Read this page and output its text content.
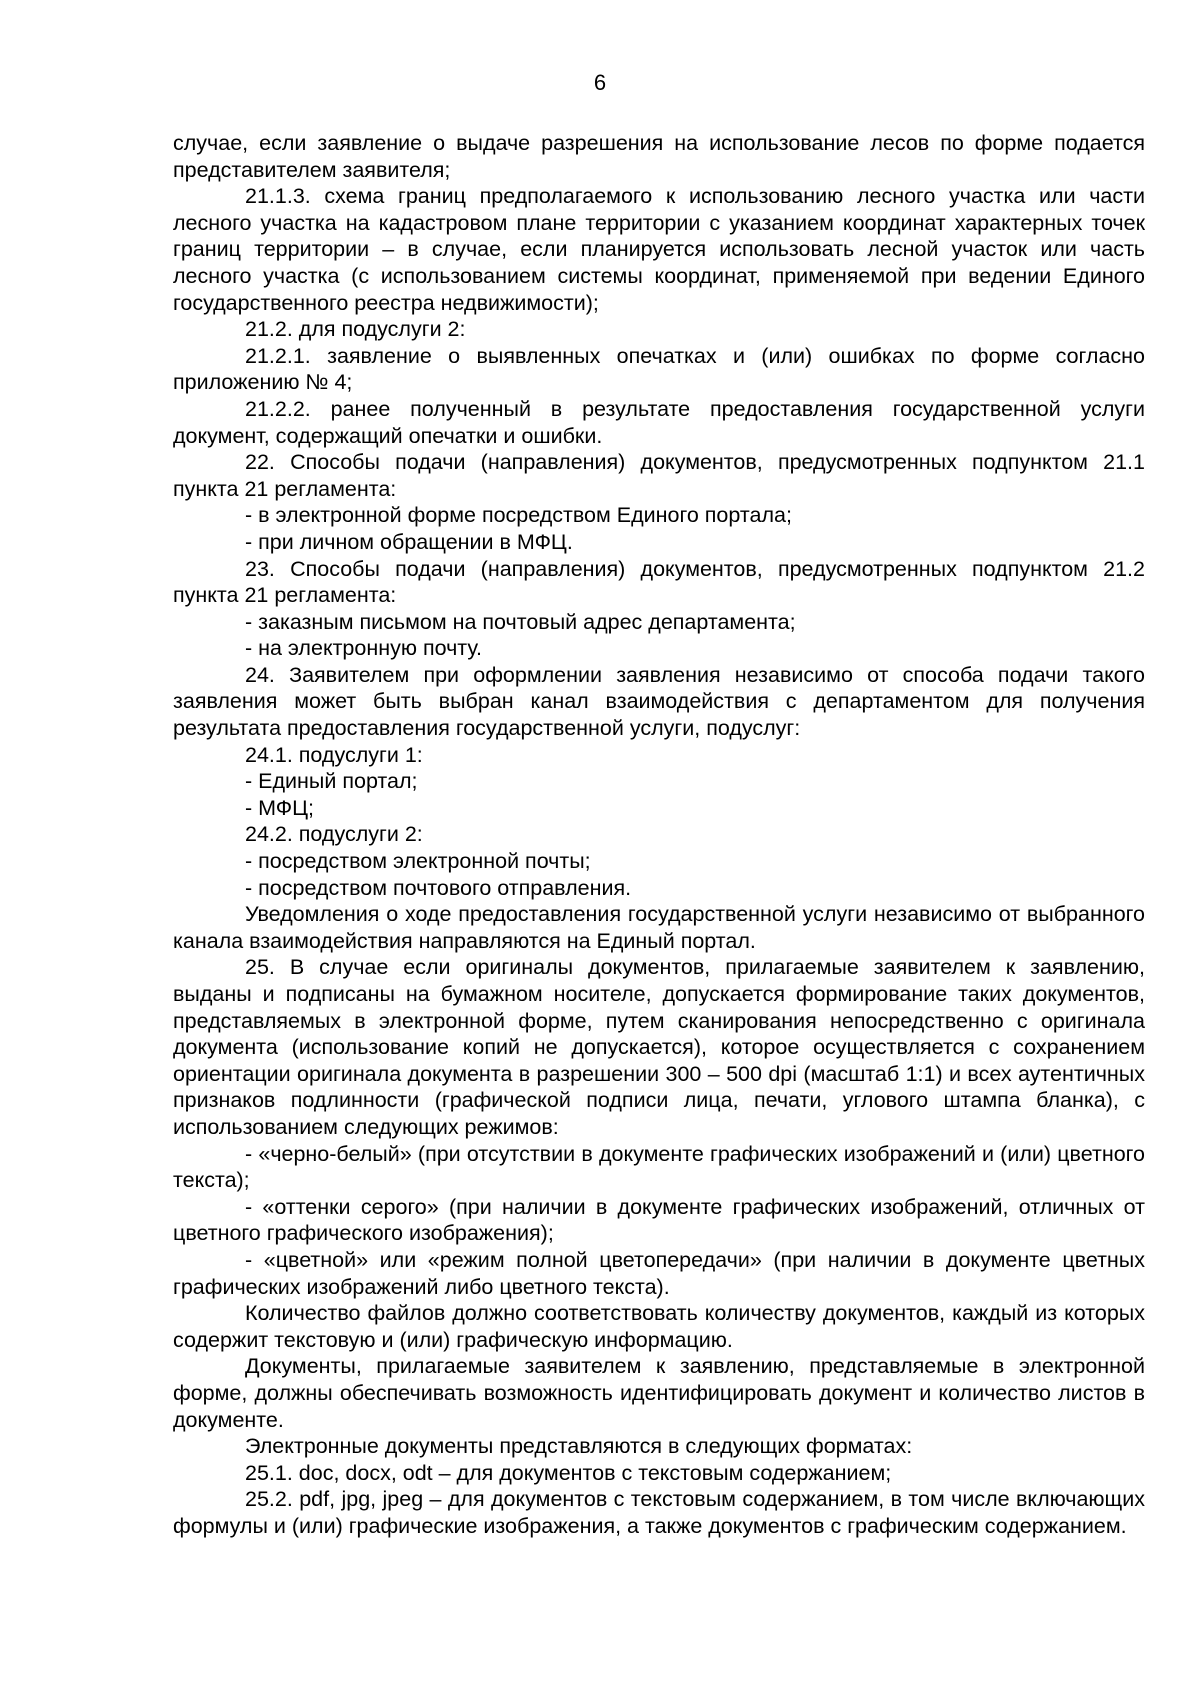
6

случае, если заявление о выдаче разрешения на использование лесов по форме подается представителем заявителя;

21.1.3. схема границ предполагаемого к использованию лесного участка или части лесного участка на кадастровом плане территории с указанием координат характерных точек границ территории – в случае, если планируется использовать лесной участок или часть лесного участка (с использованием системы координат, применяемой при ведении Единого государственного реестра недвижимости);

21.2. для подуслуги 2:

21.2.1. заявление о выявленных опечатках и (или) ошибках по форме согласно приложению № 4;

21.2.2. ранее полученный в результате предоставления государственной услуги документ, содержащий опечатки и ошибки.

22. Способы подачи (направления) документов, предусмотренных подпунктом 21.1 пункта 21 регламента:

- в электронной форме посредством Единого портала;

- при личном обращении в МФЦ.

23. Способы подачи (направления) документов, предусмотренных подпунктом 21.2 пункта 21 регламента:

- заказным письмом на почтовый адрес департамента;

- на электронную почту.

24. Заявителем при оформлении заявления независимо от способа подачи такого заявления может быть выбран канал взаимодействия с департаментом для получения результата предоставления государственной услуги, подуслуг:

24.1. подуслуги 1:

- Единый портал;

- МФЦ;

24.2. подуслуги 2:

- посредством электронной почты;

- посредством почтового отправления.

Уведомления о ходе предоставления государственной услуги независимо от выбранного канала взаимодействия направляются на Единый портал.

25. В случае если оригиналы документов, прилагаемые заявителем к заявлению, выданы и подписаны на бумажном носителе, допускается формирование таких документов, представляемых в электронной форме, путем сканирования непосредственно с оригинала документа (использование копий не допускается), которое осуществляется с сохранением ориентации оригинала документа в разрешении 300 – 500 dpi (масштаб 1:1) и всех аутентичных признаков подлинности (графической подписи лица, печати, углового штампа бланка), с использованием следующих режимов:

- «черно-белый» (при отсутствии в документе графических изображений и (или) цветного текста);

- «оттенки серого» (при наличии в документе графических изображений, отличных от цветного графического изображения);

- «цветной» или «режим полной цветопередачи» (при наличии в документе цветных графических изображений либо цветного текста).

Количество файлов должно соответствовать количеству документов, каждый из которых содержит текстовую и (или) графическую информацию.

Документы, прилагаемые заявителем к заявлению, представляемые в электронной форме, должны обеспечивать возможность идентифицировать документ и количество листов в документе.

Электронные документы представляются в следующих форматах:

25.1. doc, docx, odt – для документов с текстовым содержанием;

25.2. pdf, jpg, jpeg – для документов с текстовым содержанием, в том числе включающих формулы и (или) графические изображения, а также документов с графическим содержанием.
